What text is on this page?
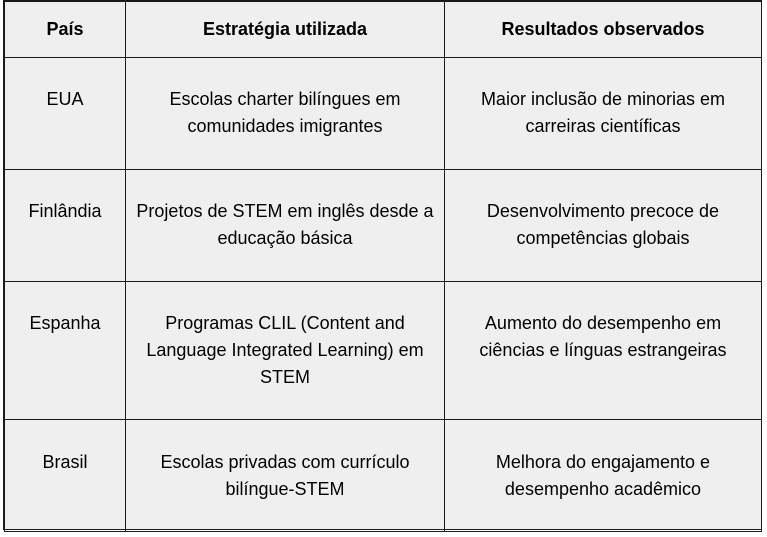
País	Estratégia utilizada	Resultados observados
EUA	Escolas charter bilíngues em comunidades imigrantes	Maior inclusão de minorias em carreiras científicas
Finlândia	Projetos de STEM em inglês desde a educação básica	Desenvolvimento precoce de competências globais
Espanha	Programas CLIL (Content and Language Integrated Learning) em STEM	Aumento do desempenho em ciências e línguas estrangeiras
Brasil	Escolas privadas com currículo bilíngue-STEM	Melhora do engajamento e desempenho acadêmico
